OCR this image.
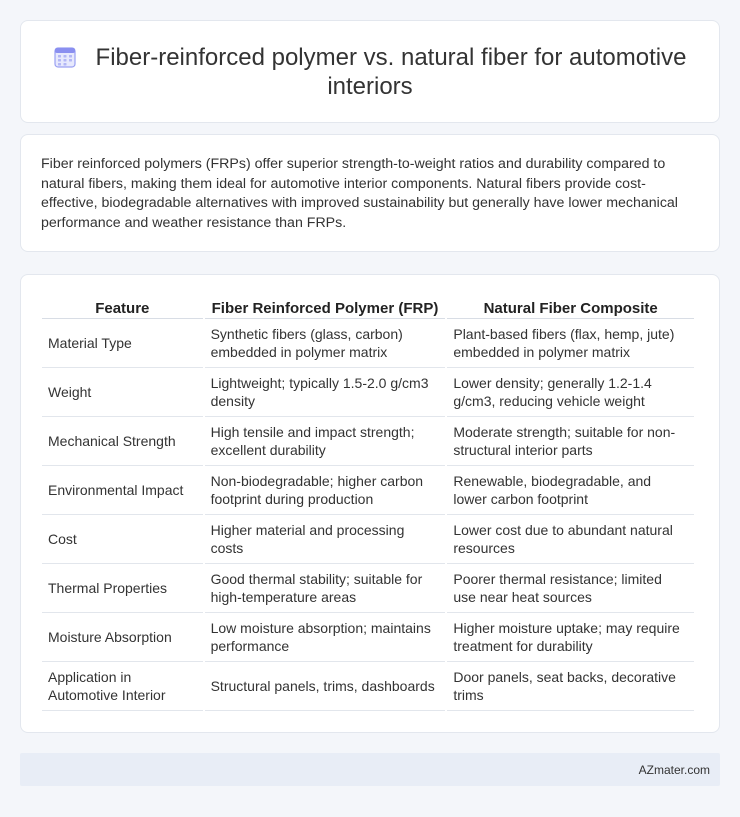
Fiber-reinforced polymer vs. natural fiber for automotive interiors

Fiber reinforced polymers (FRPs) offer superior strength-to-weight ratios and durability compared to natural fibers, making them ideal for automotive interior components. Natural fibers provide cost-effective, biodegradable alternatives with improved sustainability but generally have lower mechanical performance and weather resistance than FRPs.

Feature	Fiber Reinforced Polymer (FRP)	Natural Fiber Composite
Material Type	Synthetic fibers (glass, carbon) embedded in polymer matrix	Plant-based fibers (flax, hemp, jute) embedded in polymer matrix
Weight	Lightweight; typically 1.5-2.0 g/cm3 density	Lower density; generally 1.2-1.4 g/cm3, reducing vehicle weight
Mechanical Strength	High tensile and impact strength; excellent durability	Moderate strength; suitable for non-structural interior parts
Environmental Impact	Non-biodegradable; higher carbon footprint during production	Renewable, biodegradable, and lower carbon footprint
Cost	Higher material and processing costs	Lower cost due to abundant natural resources
Thermal Properties	Good thermal stability; suitable for high-temperature areas	Poorer thermal resistance; limited use near heat sources
Moisture Absorption	Low moisture absorption; maintains performance	Higher moisture uptake; may require treatment for durability
Application in Automotive Interior	Structural panels, trims, dashboards	Door panels, seat backs, decorative trims
AZmater.com
